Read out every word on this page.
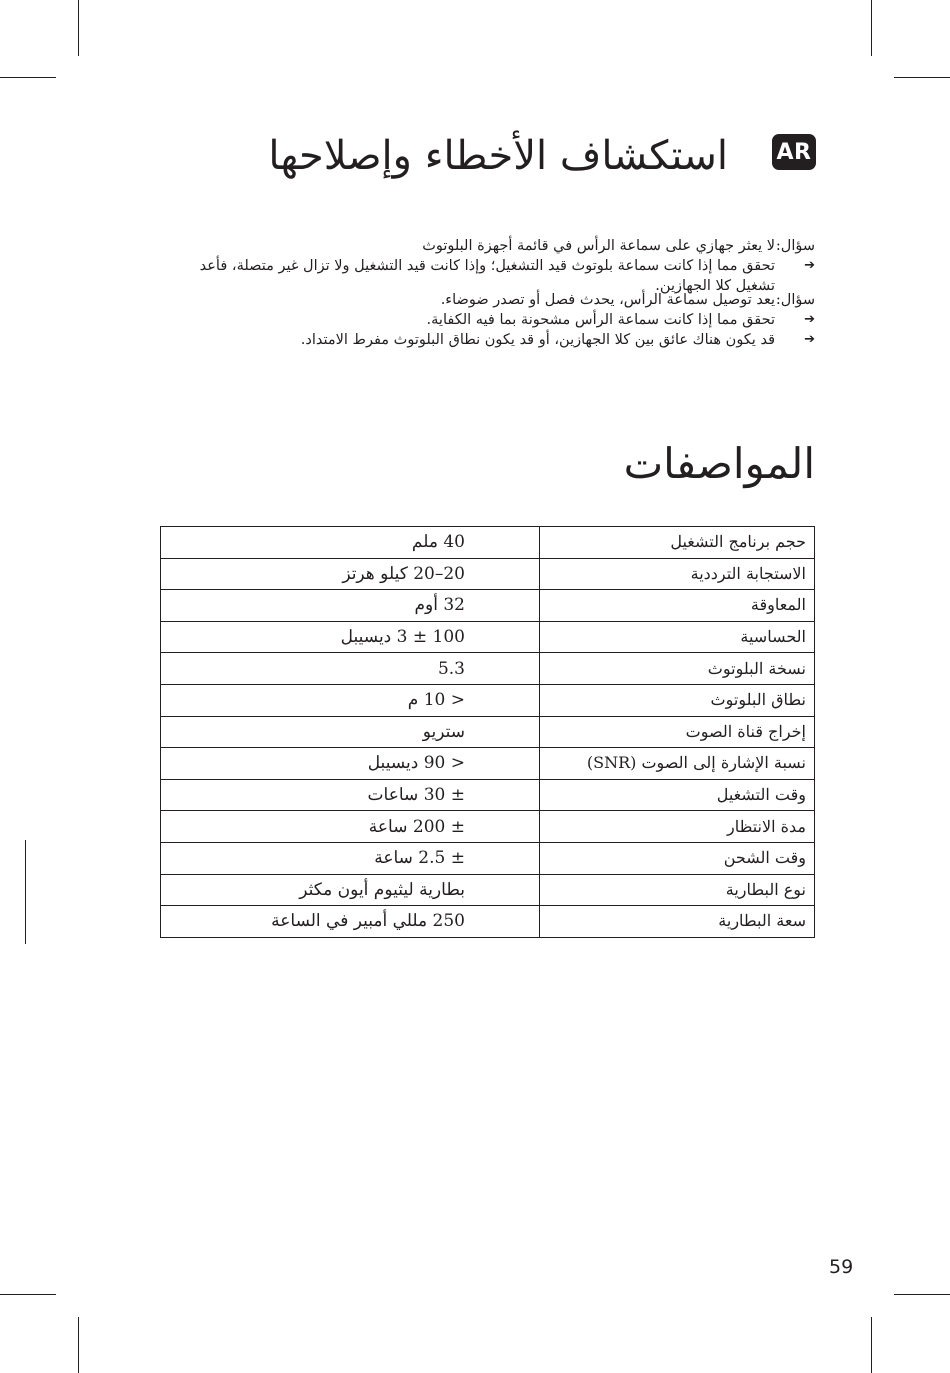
AR
استكشاف الأخطاء وإصلاحها
سؤال:
لا يعثر جهازي على سماعة الرأس في قائمة أجهزة البلوتوث
➔
تحقق مما إذا كانت سماعة بلوتوث قيد التشغيل؛ وإذا كانت قيد التشغيل ولا تزال غير متصلة، فأعد
تشغيل كلا الجهازين.
سؤال:
يعد توصيل سماعة الرأس، يحدث فصل أو تصدر ضوضاء.
➔
تحقق مما إذا كانت سماعة الرأس مشحونة بما فيه الكفاية.
➔
قد يكون هناك عائق بين كلا الجهازين، أو قد يكون نطاق البلوتوث مفرط الامتداد.
المواصفات
حجم برنامج التشغيل	40 ملم
الاستجابة الترددية	20–20 كيلو هرتز
المعاوقة	32 أوم
الحساسية	100 ± 3 ديسيبل
نسخة البلوتوث	5.3
نطاق البلوتوث	< 10 م
إخراج قناة الصوت	ستريو
نسبة الإشارة إلى الصوت (SNR)	< 90 ديسيبل
وقت التشغيل	± 30 ساعات
مدة الانتظار	± 200 ساعة
وقت الشحن	± 2.5 ساعة
نوع البطارية	بطارية ليثيوم أيون مكثر
سعة البطارية	250 مللي أمبير في الساعة
59
